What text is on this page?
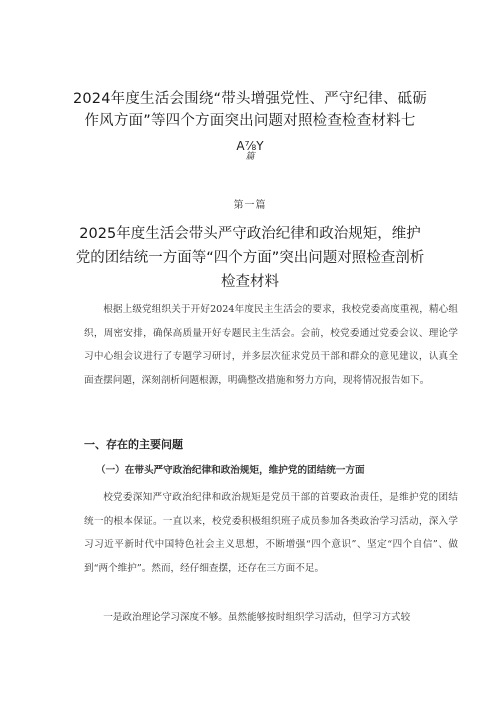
2024年度生活会围绕“带头增强党性、严守纪律、砥砺
作风方面”等四个方面突出问题对照检查检查材料七
A⅞Y
篇
第一篇
2025年度生活会带头严守政治纪律和政治规矩，维护
党的团结统一方面等“四个方面”突出问题对照检查剖析
检查材料

根据上级党组织关于开好2024年度民主生活会的要求，我校党委高度重视，精心组织，周密安排，确保高质量开好专题民主生活会。会前，校党委通过党委会议、理论学习中心组会议进行了专题学习研讨，并多层次征求党员干部和群众的意见建议，认真全面查摆问题，深刻剖析问题根源，明确整改措施和努力方向，现将情况报告如下。

一、存在的主要问题
（一）在带头严守政治纪律和政治规矩，维护党的团结统一方面

校党委深知严守政治纪律和政治规矩是党员干部的首要政治责任，是维护党的团结统一的根本保证。一直以来，校党委积极组织班子成员参加各类政治学习活动，深入学习习近平新时代中国特色社会主义思想，不断增强“四个意识”、坚定“四个自信”、做到“两个维护”。然而，经仔细查摆，还存在三方面不足。

一是政治理论学习深度不够。虽然能够按时组织学习活动，但学习方式较
